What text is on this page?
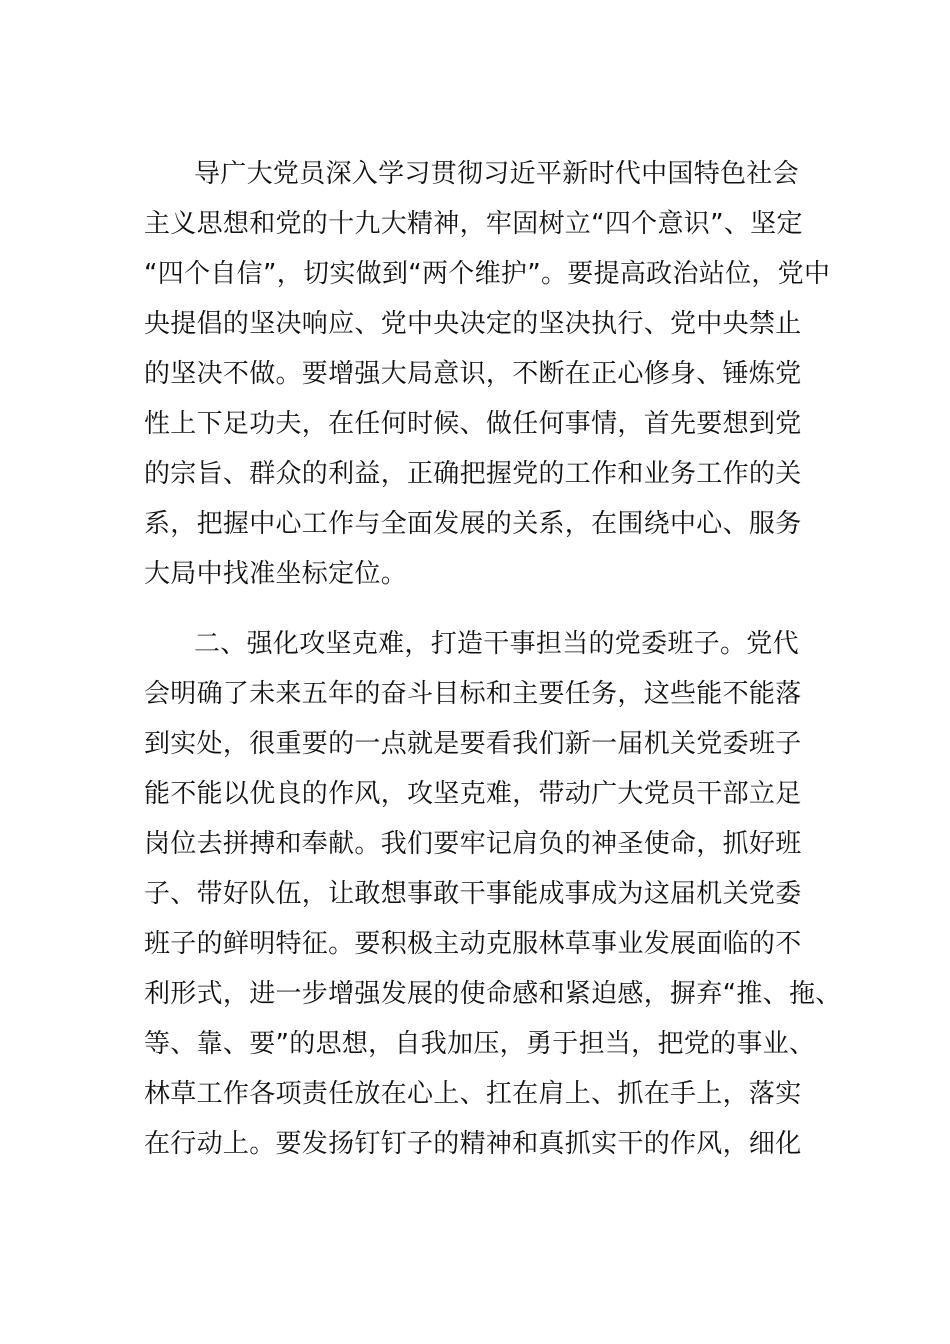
导广大党员深入学习贯彻习近平新时代中国特色社会
主义思想和党的十九大精神，牢固树立“四个意识”、坚定
“四个自信”，切实做到“两个维护”。要提高政治站位，党中
央提倡的坚决响应、党中央决定的坚决执行、党中央禁止
的坚决不做。要增强大局意识，不断在正心修身、锤炼党
性上下足功夫，在任何时候、做任何事情，首先要想到党
的宗旨、群众的利益，正确把握党的工作和业务工作的关
系，把握中心工作与全面发展的关系，在围绕中心、服务
大局中找准坐标定位。
二、强化攻坚克难，打造干事担当的党委班子。党代
会明确了未来五年的奋斗目标和主要任务，这些能不能落
到实处，很重要的一点就是要看我们新一届机关党委班子
能不能以优良的作风，攻坚克难，带动广大党员干部立足
岗位去拼搏和奉献。我们要牢记肩负的神圣使命，抓好班
子、带好队伍，让敢想事敢干事能成事成为这届机关党委
班子的鲜明特征。要积极主动克服林草事业发展面临的不
利形式，进一步增强发展的使命感和紧迫感，摒弃“推、拖、
等、靠、要”的思想，自我加压，勇于担当，把党的事业、
林草工作各项责任放在心上、扛在肩上、抓在手上，落实
在行动上。要发扬钉钉子的精神和真抓实干的作风，细化
